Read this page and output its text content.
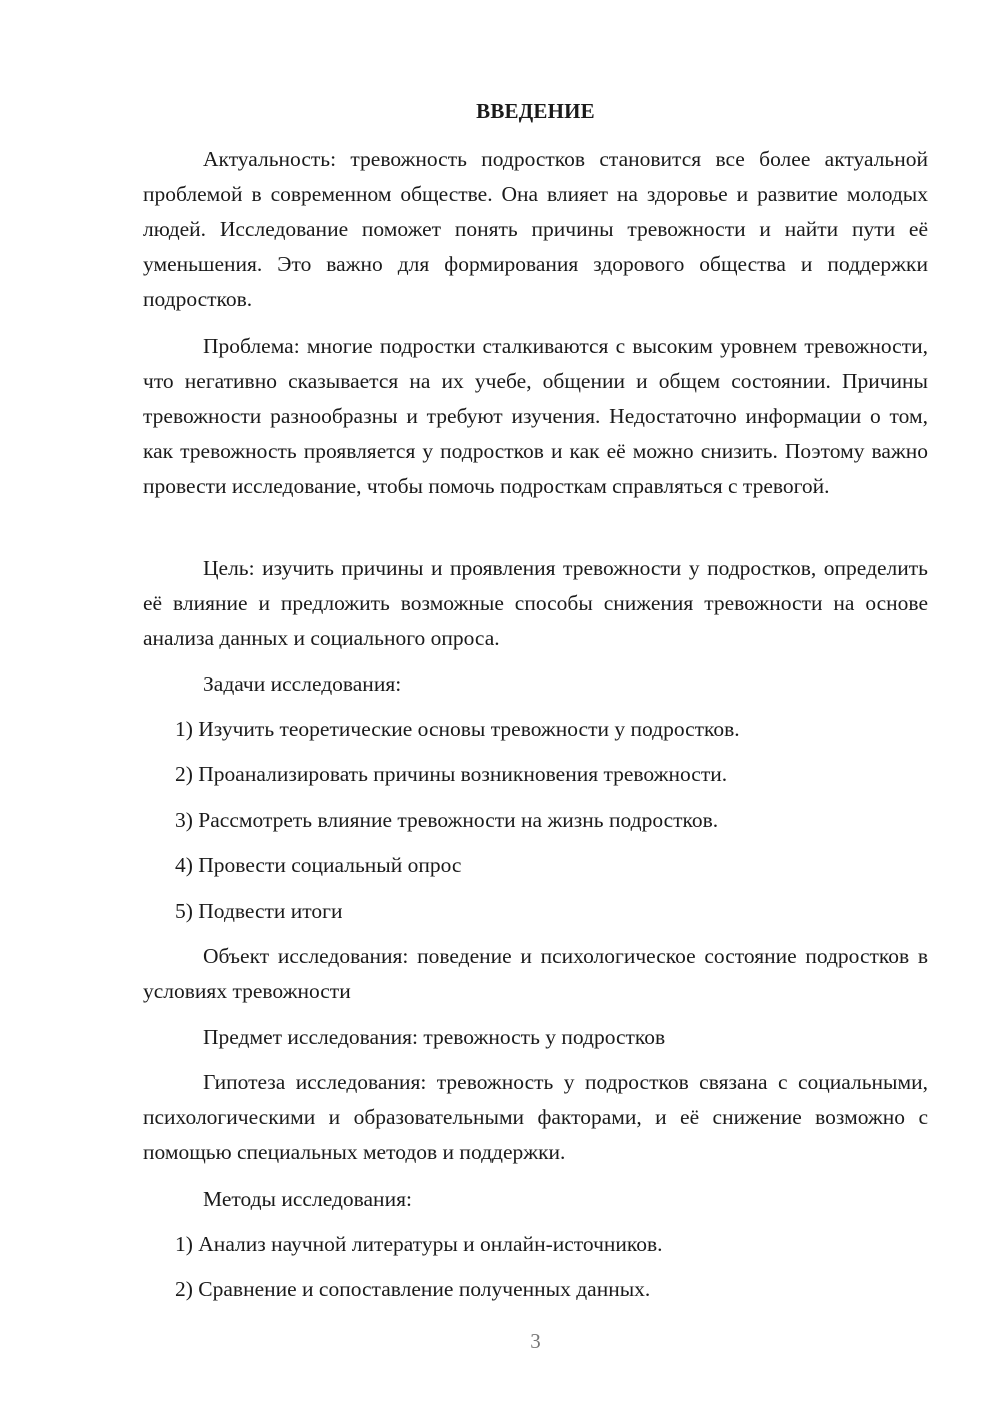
ВВЕДЕНИЕ

Актуальность: тревожность подростков становится все более актуальной проблемой в современном обществе. Она влияет на здоровье и развитие молодых людей. Исследование поможет понять причины тревожности и найти пути её уменьшения. Это важно для формирования здорового общества и поддержки подростков.

Проблема: многие подростки сталкиваются с высоким уровнем тревожности, что негативно сказывается на их учебе, общении и общем состоянии. Причины тревожности разнообразны и требуют изучения. Недостаточно информации о том, как тревожность проявляется у подростков и как её можно снизить. Поэтому важно провести исследование, чтобы помочь подросткам справляться с тревогой.

Цель: изучить причины и проявления тревожности у подростков, определить её влияние и предложить возможные способы снижения тревожности на основе анализа данных и социального опроса.

Задачи исследования:
1) Изучить теоретические основы тревожности у подростков.
2) Проанализировать причины возникновения тревожности.
3) Рассмотреть влияние тревожности на жизнь подростков.
4) Провести социальный опрос
5) Подвести итоги

Объект исследования: поведение и психологическое состояние подростков в условиях тревожности

Предмет исследования: тревожность у подростков

Гипотеза исследования: тревожность у подростков связана с социальными, психологическими и образовательными факторами, и её снижение возможно с помощью специальных методов и поддержки.

Методы исследования:
1) Анализ научной литературы и онлайн-источников.
2) Сравнение и сопоставление полученных данных.
3
